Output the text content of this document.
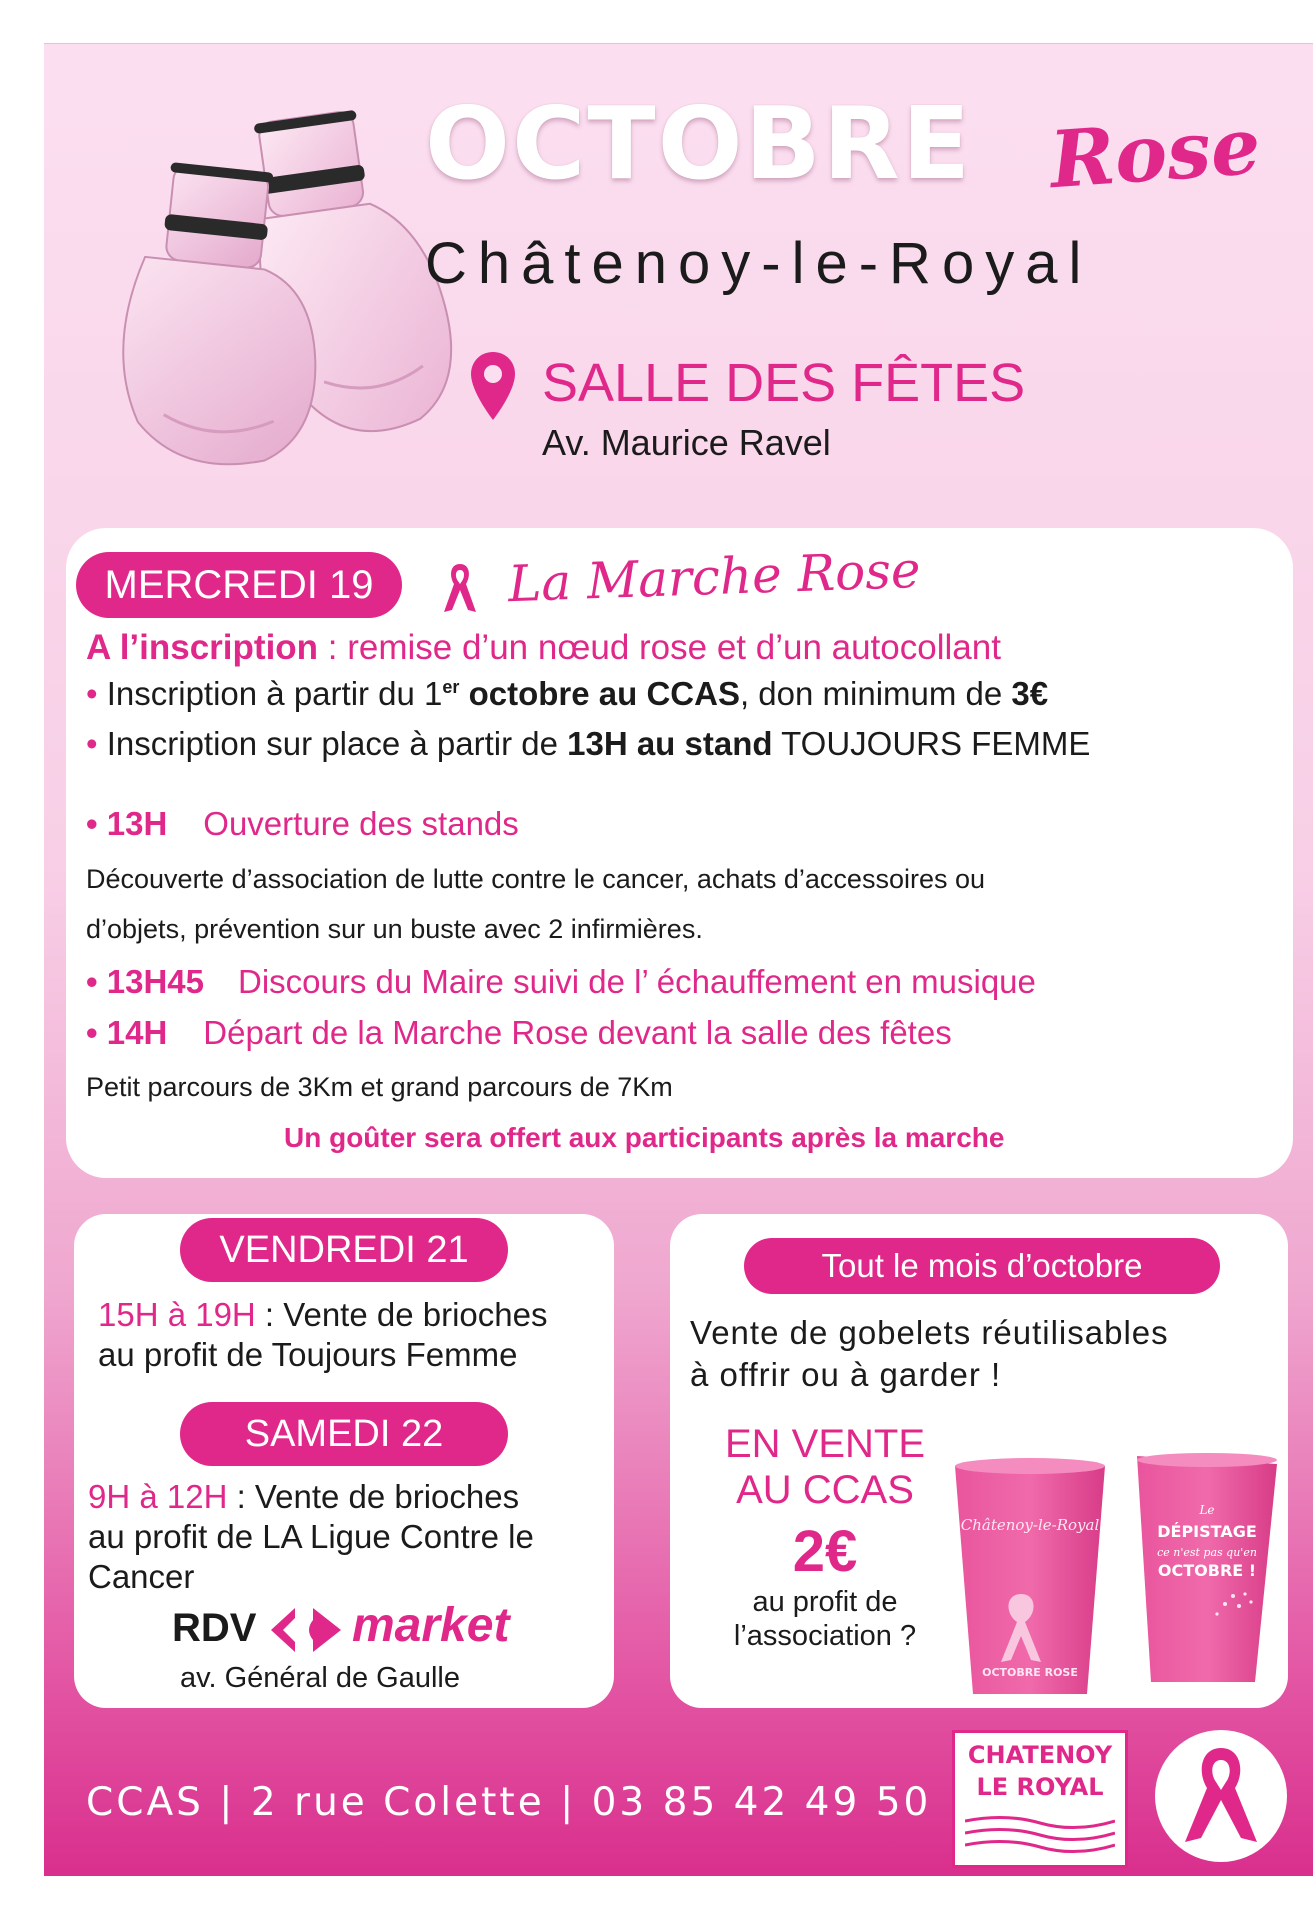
OCTOBRE Rose
Châtenoy-le-Royal
SALLE DES FÊTES
Av. Maurice Ravel
MERCREDI 19	La Marche Rose
A l’inscription : remise d’un nœud rose et d’un autocollant
• Inscription à partir du 1er octobre au CCAS, don minimum de 3€
• Inscription sur place à partir de 13H au stand TOUJOURS FEMME
• 13H Ouverture des stands
Découverte d’association de lutte contre le cancer, achats d’accessoires ou
d’objets, prévention sur un buste avec 2 infirmières.
• 13H45 Discours du Maire suivi de l’ échauffement en musique
• 14H Départ de la Marche Rose devant la salle des fêtes
Petit parcours de 3Km et grand parcours de 7Km
Un goûter sera offert aux participants après la marche
VENDREDI 21
15H à 19H : Vente de brioches
au profit de Toujours Femme
SAMEDI 22
9H à 12H : Vente de brioches
au profit de LA Ligue Contre le
Cancer
RDV market
av. Général de Gaulle
Tout le mois d’octobre
Vente de gobelets réutilisables
à offrir ou à garder !
EN VENTE
AU CCAS
2€
au profit de
l’association ?
Châtenoy-le-Royal
OCTOBRE ROSE
Le
DÉPISTAGE
ce n'est pas qu'en
OCTOBRE !
CCAS | 2 rue Colette | 03 85 42 49 50
CHATENOY
LE ROYAL
